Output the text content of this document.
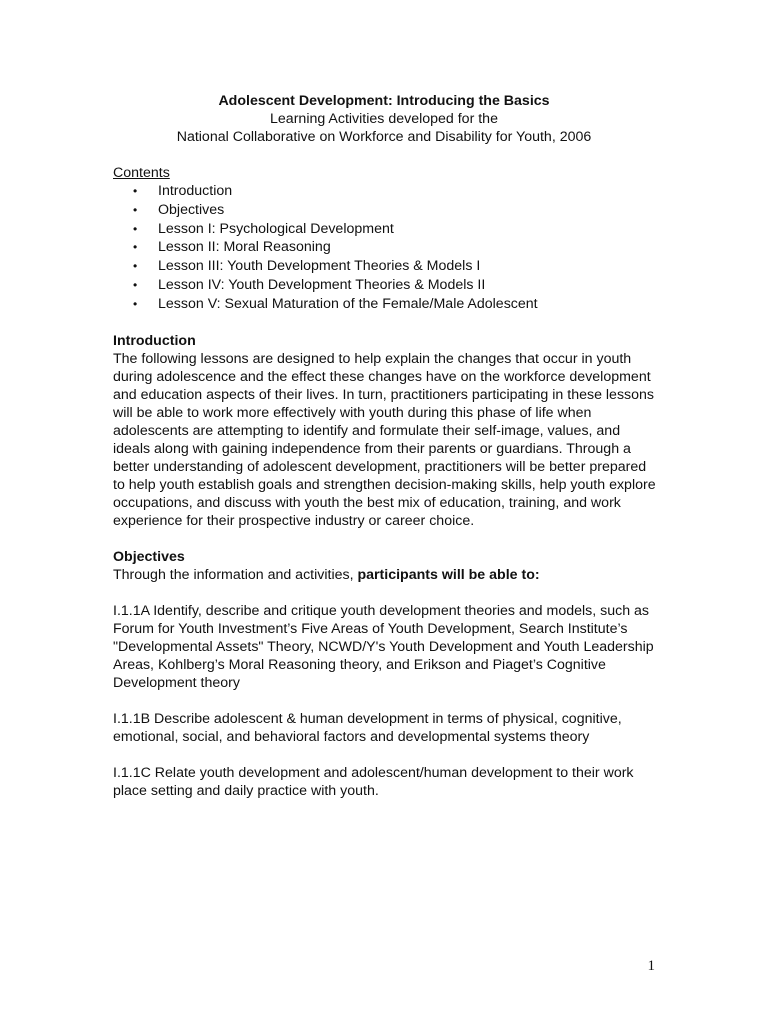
Adolescent Development: Introducing the Basics
Learning Activities developed for the
National Collaborative on Workforce and Disability for Youth, 2006
Contents
• Introduction
• Objectives
• Lesson I: Psychological Development
• Lesson II: Moral Reasoning
• Lesson III: Youth Development Theories & Models I
• Lesson IV: Youth Development Theories & Models II
• Lesson V: Sexual Maturation of the Female/Male Adolescent
Introduction

The following lessons are designed to help explain the changes that occur in youth during adolescence and the effect these changes have on the workforce development and education aspects of their lives. In turn, practitioners participating in these lessons will be able to work more effectively with youth during this phase of life when adolescents are attempting to identify and formulate their self-image, values, and ideals along with gaining independence from their parents or guardians. Through a better understanding of adolescent development, practitioners will be better prepared to help youth establish goals and strengthen decision-making skills, help youth explore occupations, and discuss with youth the best mix of education, training, and work experience for their prospective industry or career choice.

Objectives
Through the information and activities, participants will be able to:

I.1.1A Identify, describe and critique youth development theories and models, such as Forum for Youth Investment’s Five Areas of Youth Development, Search Institute’s "Developmental Assets" Theory, NCWD/Y's Youth Development and Youth Leadership Areas, Kohlberg’s Moral Reasoning theory, and Erikson and Piaget’s Cognitive Development theory

I.1.1B Describe adolescent & human development in terms of physical, cognitive, emotional, social, and behavioral factors and developmental systems theory

I.1.1C Relate youth development and adolescent/human development to their work place setting and daily practice with youth.

1
